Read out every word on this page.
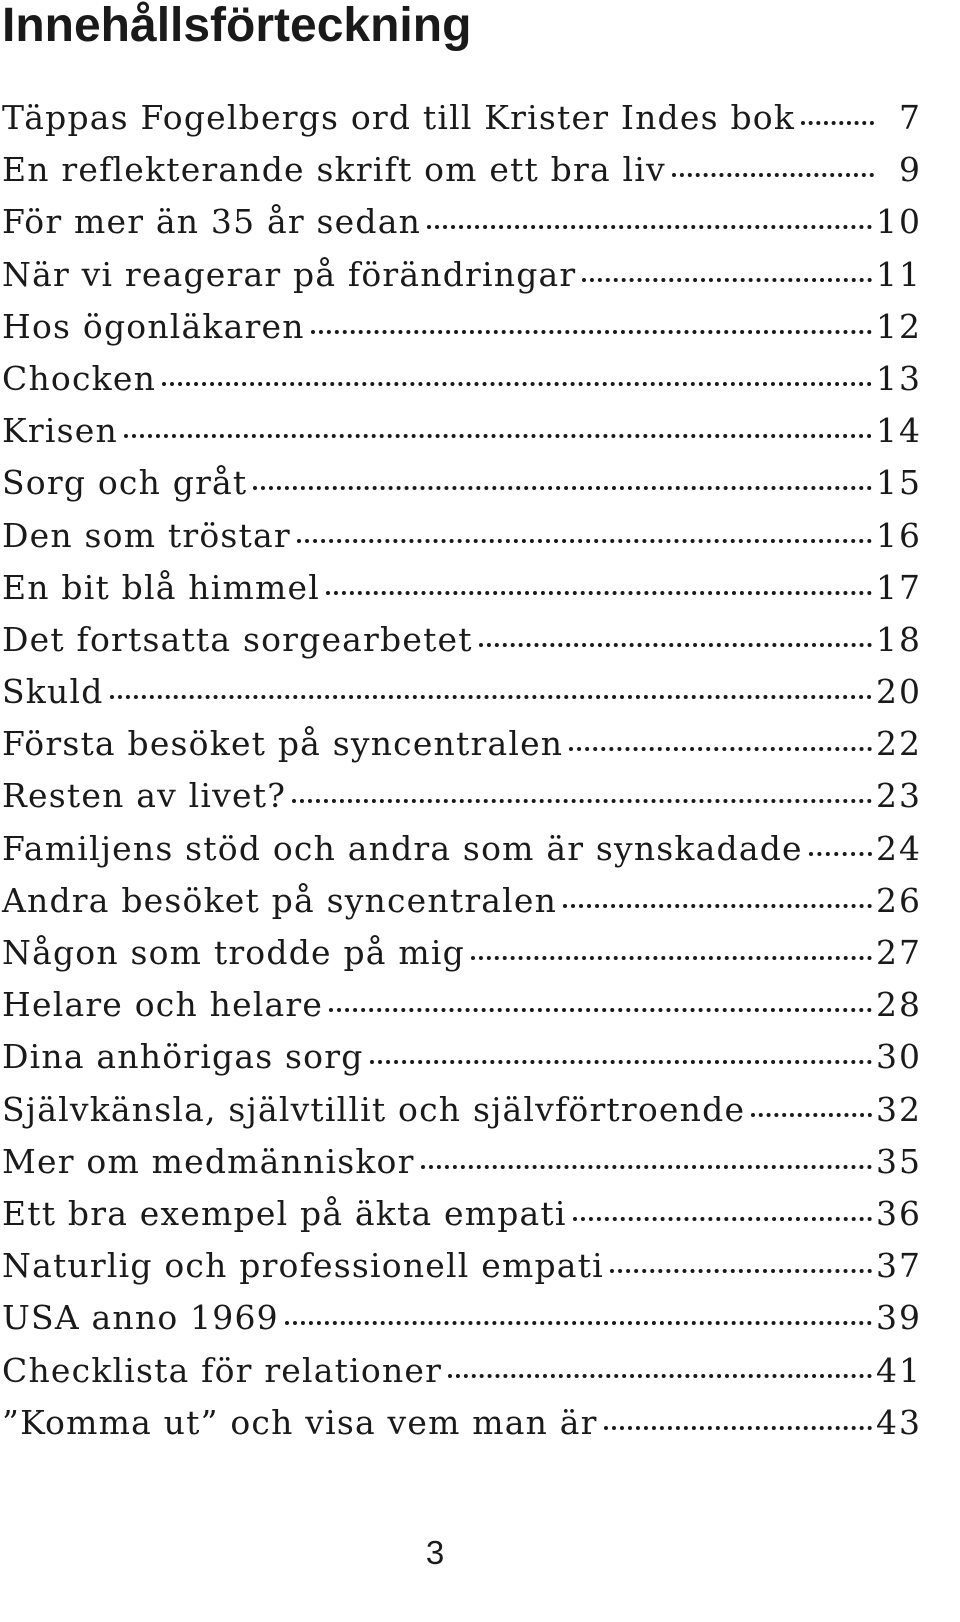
Innehållsförteckning
Täppas Fogelbergs ord till Krister Indes bok	7
En reflekterande skrift om ett bra liv	9
För mer än 35 år sedan	10
När vi reagerar på förändringar	11
Hos ögonläkaren	12
Chocken	13
Krisen	14
Sorg och gråt	15
Den som tröstar	16
En bit blå himmel	17
Det fortsatta sorgearbetet	18
Skuld	20
Första besöket på syncentralen	22
Resten av livet?	23
Familjens stöd och andra som är synskadade 24
Andra besöket på syncentralen	26
Någon som trodde på mig	27
Helare och helare	28
Dina anhörigas sorg	30
Självkänsla, självtillit och självförtroende	32
Mer om medmänniskor	35
Ett bra exempel på äkta empati	36
Naturlig och professionell empati	37
USA anno 1969	39
Checklista för relationer	41
”Komma ut” och visa vem man är	43
3
